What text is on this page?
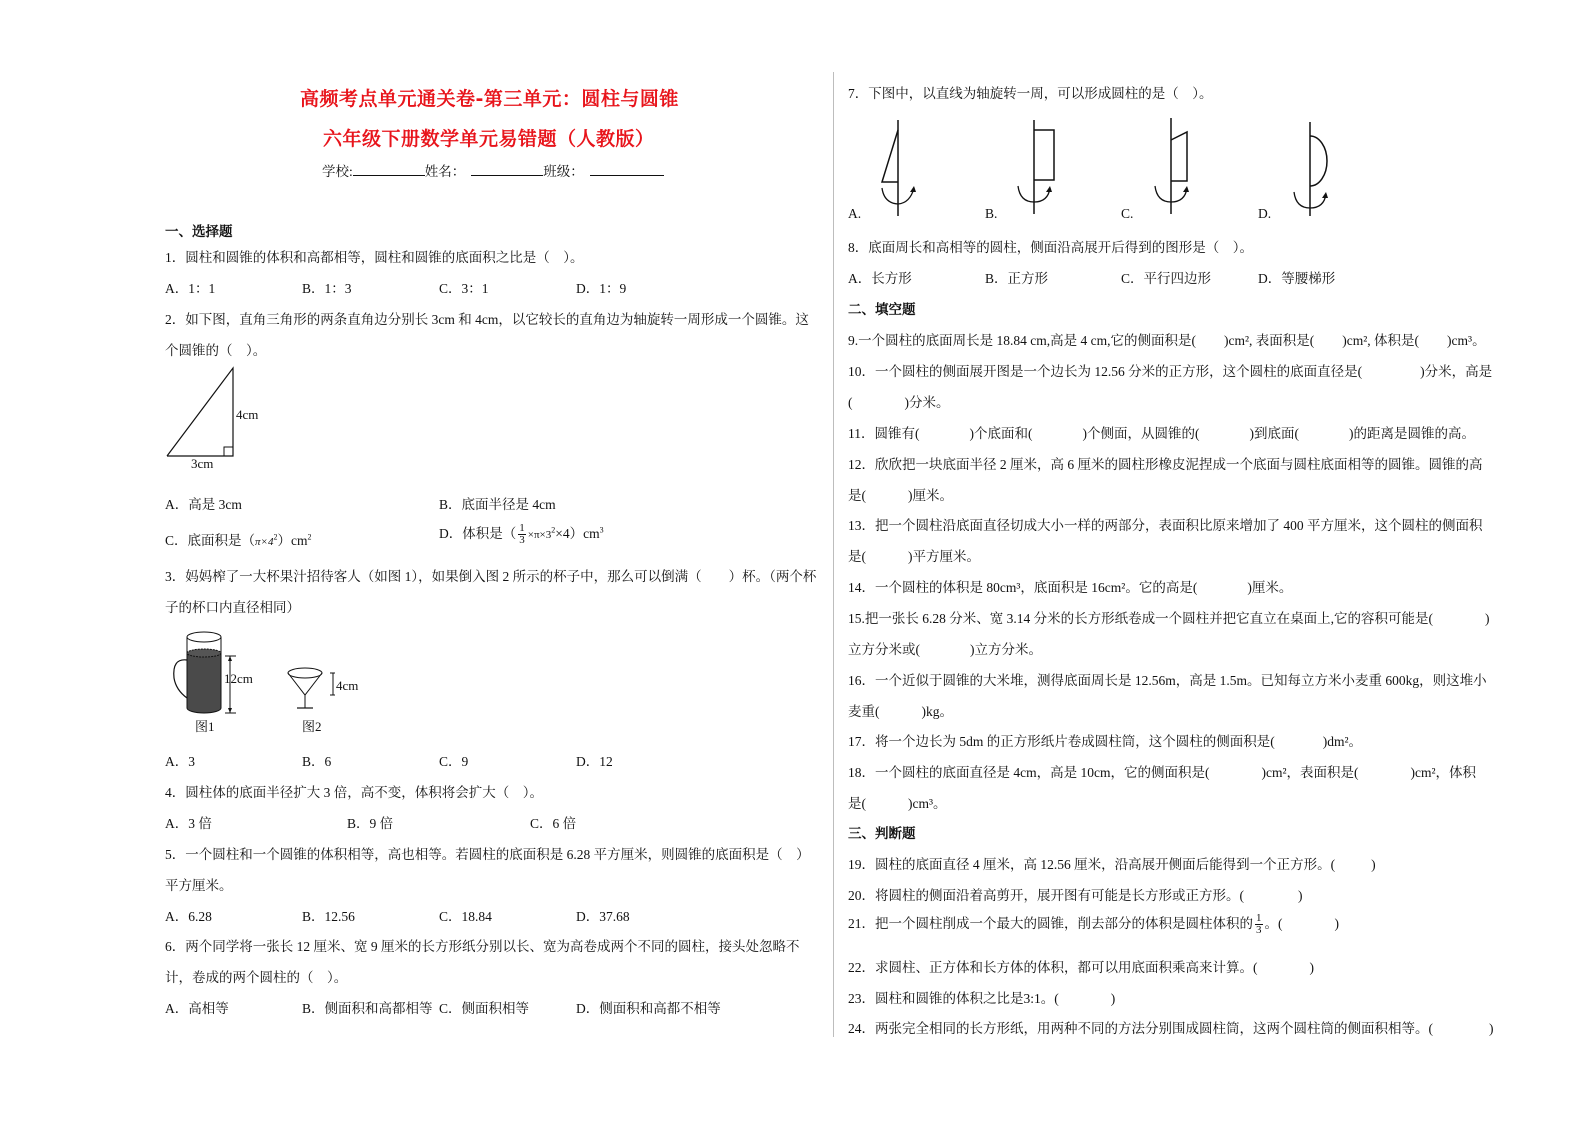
高频考点单元通关卷-第三单元：圆柱与圆锥
六年级下册数学单元易错题（人教版）
学校:	姓名：	班级：
一、选择题
1．圆柱和圆锥的体积和高都相等，圆柱和圆锥的底面积之比是（　）。
A．1：1	B．1：3	C．3：1	D．1：9
2．如下图，直角三角形的两条直角边分别长 3cm 和 4cm，以它较长的直角边为轴旋转一周形成一个圆锥。这
个圆锥的（　）。
4cm
3cm
A．高是 3cm	B．底面半径是 4cm
C．底面积是$(\pi\times 4^2)cm^2$	D．体积是（ $\frac{1}{3} \times\pi\times 3^2\times 4)cm^3$
3．妈妈榨了一大杯果汁招待客人（如图 1），如果倒入图 2 所示的杯子中，那么可以倒满（　　）杯。（两个杯
子的杯口内直径相同）
12cm
图1
4cm
图2
A．3	B．6	C．9	D．12
4．圆柱体的底面半径扩大 3 倍，高不变，体积将会扩大（　）。
A．3 倍	B．9 倍	C．6 倍
5．一个圆柱和一个圆锥的体积相等，高也相等。若圆柱的底面积是 6.28 平方厘米，则圆锥的底面积是（　）
平方厘米。
A．6.28	B．12.56	C．18.84	D．37.68
6．两个同学将一张长 12 厘米、宽 9 厘米的长方形纸分别以长、宽为高卷成两个不同的圆柱，接头处忽略不
计，卷成的两个圆柱的（　）。
A．高相等	B．侧面积和高都相等 C．侧面积相等	D．侧面积和高都不相等
7．下图中，以直线为轴旋转一周，可以形成圆柱的是（　）。
A.	B.	C.	D.
8．底面周长和高相等的圆柱，侧面沿高展开后得到的图形是（　）。
A．长方形	B．正方形	C．平行四边形	D．等腰梯形
二、填空题
9.一个圆柱的底面周长是 18.84 cm,高是 4 cm,它的侧面积是( )cm², 表面积是( )cm², 体积是( )cm³。
10．一个圆柱的侧面展开图是一个边长为 12.56 分米的正方形，这个圆柱的底面直径是(	)分米，高是
(	)分米。
11．圆锥有(	)个底面和(	)个侧面，从圆锥的(	)到底面(	)的距离是圆锥的高。
12．欣欣把一块底面半径 2 厘米，高 6 厘米的圆柱形橡皮泥捏成一个底面与圆柱底面相等的圆锥。圆锥的高
是(	)厘米。
13．把一个圆柱沿底面直径切成大小一样的两部分，表面积比原来增加了 400 平方厘米，这个圆柱的侧面积
是(	)平方厘米。
14．一个圆柱的体积是 80cm³，底面积是 16cm²。它的高是(	)厘米。
15.把一张长 6.28 分米、宽 3.14 分米的长方形纸卷成一个圆柱并把它直立在桌面上,它的容积可能是(	)
立方分米或(	)立方分米。
16．一个近似于圆锥的大米堆，测得底面周长是 12.56m，高是 1.5m。已知每立方米小麦重 600kg，则这堆小
麦重(	)kg。
17．将一个边长为 5dm 的正方形纸片卷成圆柱筒，这个圆柱的侧面积是(	)dm²。
18．一个圆柱的底面直径是 4cm，高是 10cm，它的侧面积是(	)cm²，表面积是(	)cm²，体积
是(	)cm³。
三、判断题
19．圆柱的底面直径 4 厘米，高 12.56 厘米，沿高展开侧面后能得到一个正方形。(	)
20．将圆柱的侧面沿着高剪开，展开图有可能是长方形或正方形。(	)
21．把一个圆柱削成一个最大的圆锥，削去部分的体积是圆柱体积的 $\frac{1}{3}$ 。(	)
22．求圆柱、正方体和长方体的体积，都可以用底面积乘高来计算。(	)
23．圆柱和圆锥的体积之比是3:1。(	)
24．两张完全相同的长方形纸，用两种不同的方法分别围成圆柱筒，这两个圆柱筒的侧面积相等。(	)
